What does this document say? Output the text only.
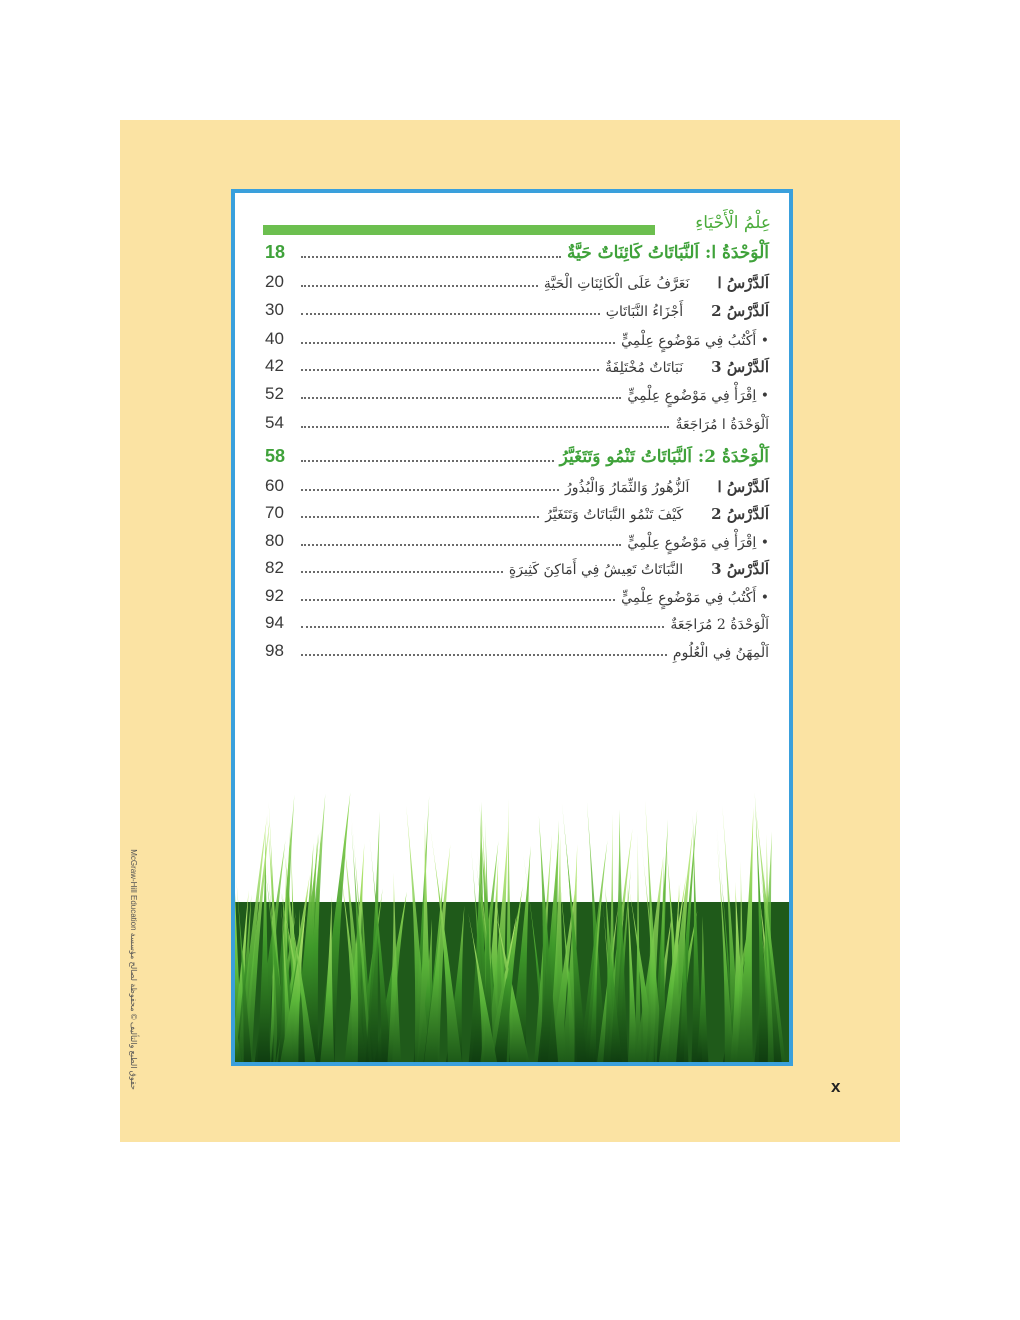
عِلْمُ الْأَحْيَاءِ
اَلْوَحْدَةُ ا: اَلنَّبَاتَاتُ كَائِنَاتٌ حَيَّةٌ
18
اَلدَّرْسُ ا
نَعَرَّفُ عَلَى الْكَائِنَاتِ الْحَيَّةِ
20
اَلدَّرْسُ 2
أَجْزَاءُ النَّبَاتَاتِ
30
• أَكْتُبُ فِي مَوْضُوعٍ عِلْمِيٍّ
40
اَلدَّرْسُ 3
نَبَاتَاتٌ مُخْتَلِفَةٌ
42
• اِقْرَأْ فِي مَوْضُوعٍ عِلْمِيٍّ
52
اَلْوَحْدَةُ ا مُرَاجَعَةٌ
54
اَلْوَحْدَةُ 2: اَلنَّبَاتَاتُ تَنْمُو وَتَتَغَيَّرُ
58
اَلدَّرْسُ ا
اَلزُّهُورُ وَالثِّمَارُ وَالْبُذُورُ
60
اَلدَّرْسُ 2
كَيْفَ تَنْمُو النَّبَاتَاتُ وَتَتَغَيَّرُ
70
• اِقْرَأْ فِي مَوْضُوعٍ عِلْمِيٍّ
80
اَلدَّرْسُ 3
النَّبَاتَاتُ تَعِيشُ فِي أَمَاكِنَ كَثِيرَةٍ
82
• أَكْتُبُ فِي مَوْضُوعٍ عِلْمِيٍّ
92
اَلْوَحْدَةُ 2 مُرَاجَعَةٌ
94
اَلْمِهَنُ فِي الْعُلُومِ
98
حقوق الطبع والتأليف © محفوظة لصالح مؤسسة McGraw-Hill Education	x
